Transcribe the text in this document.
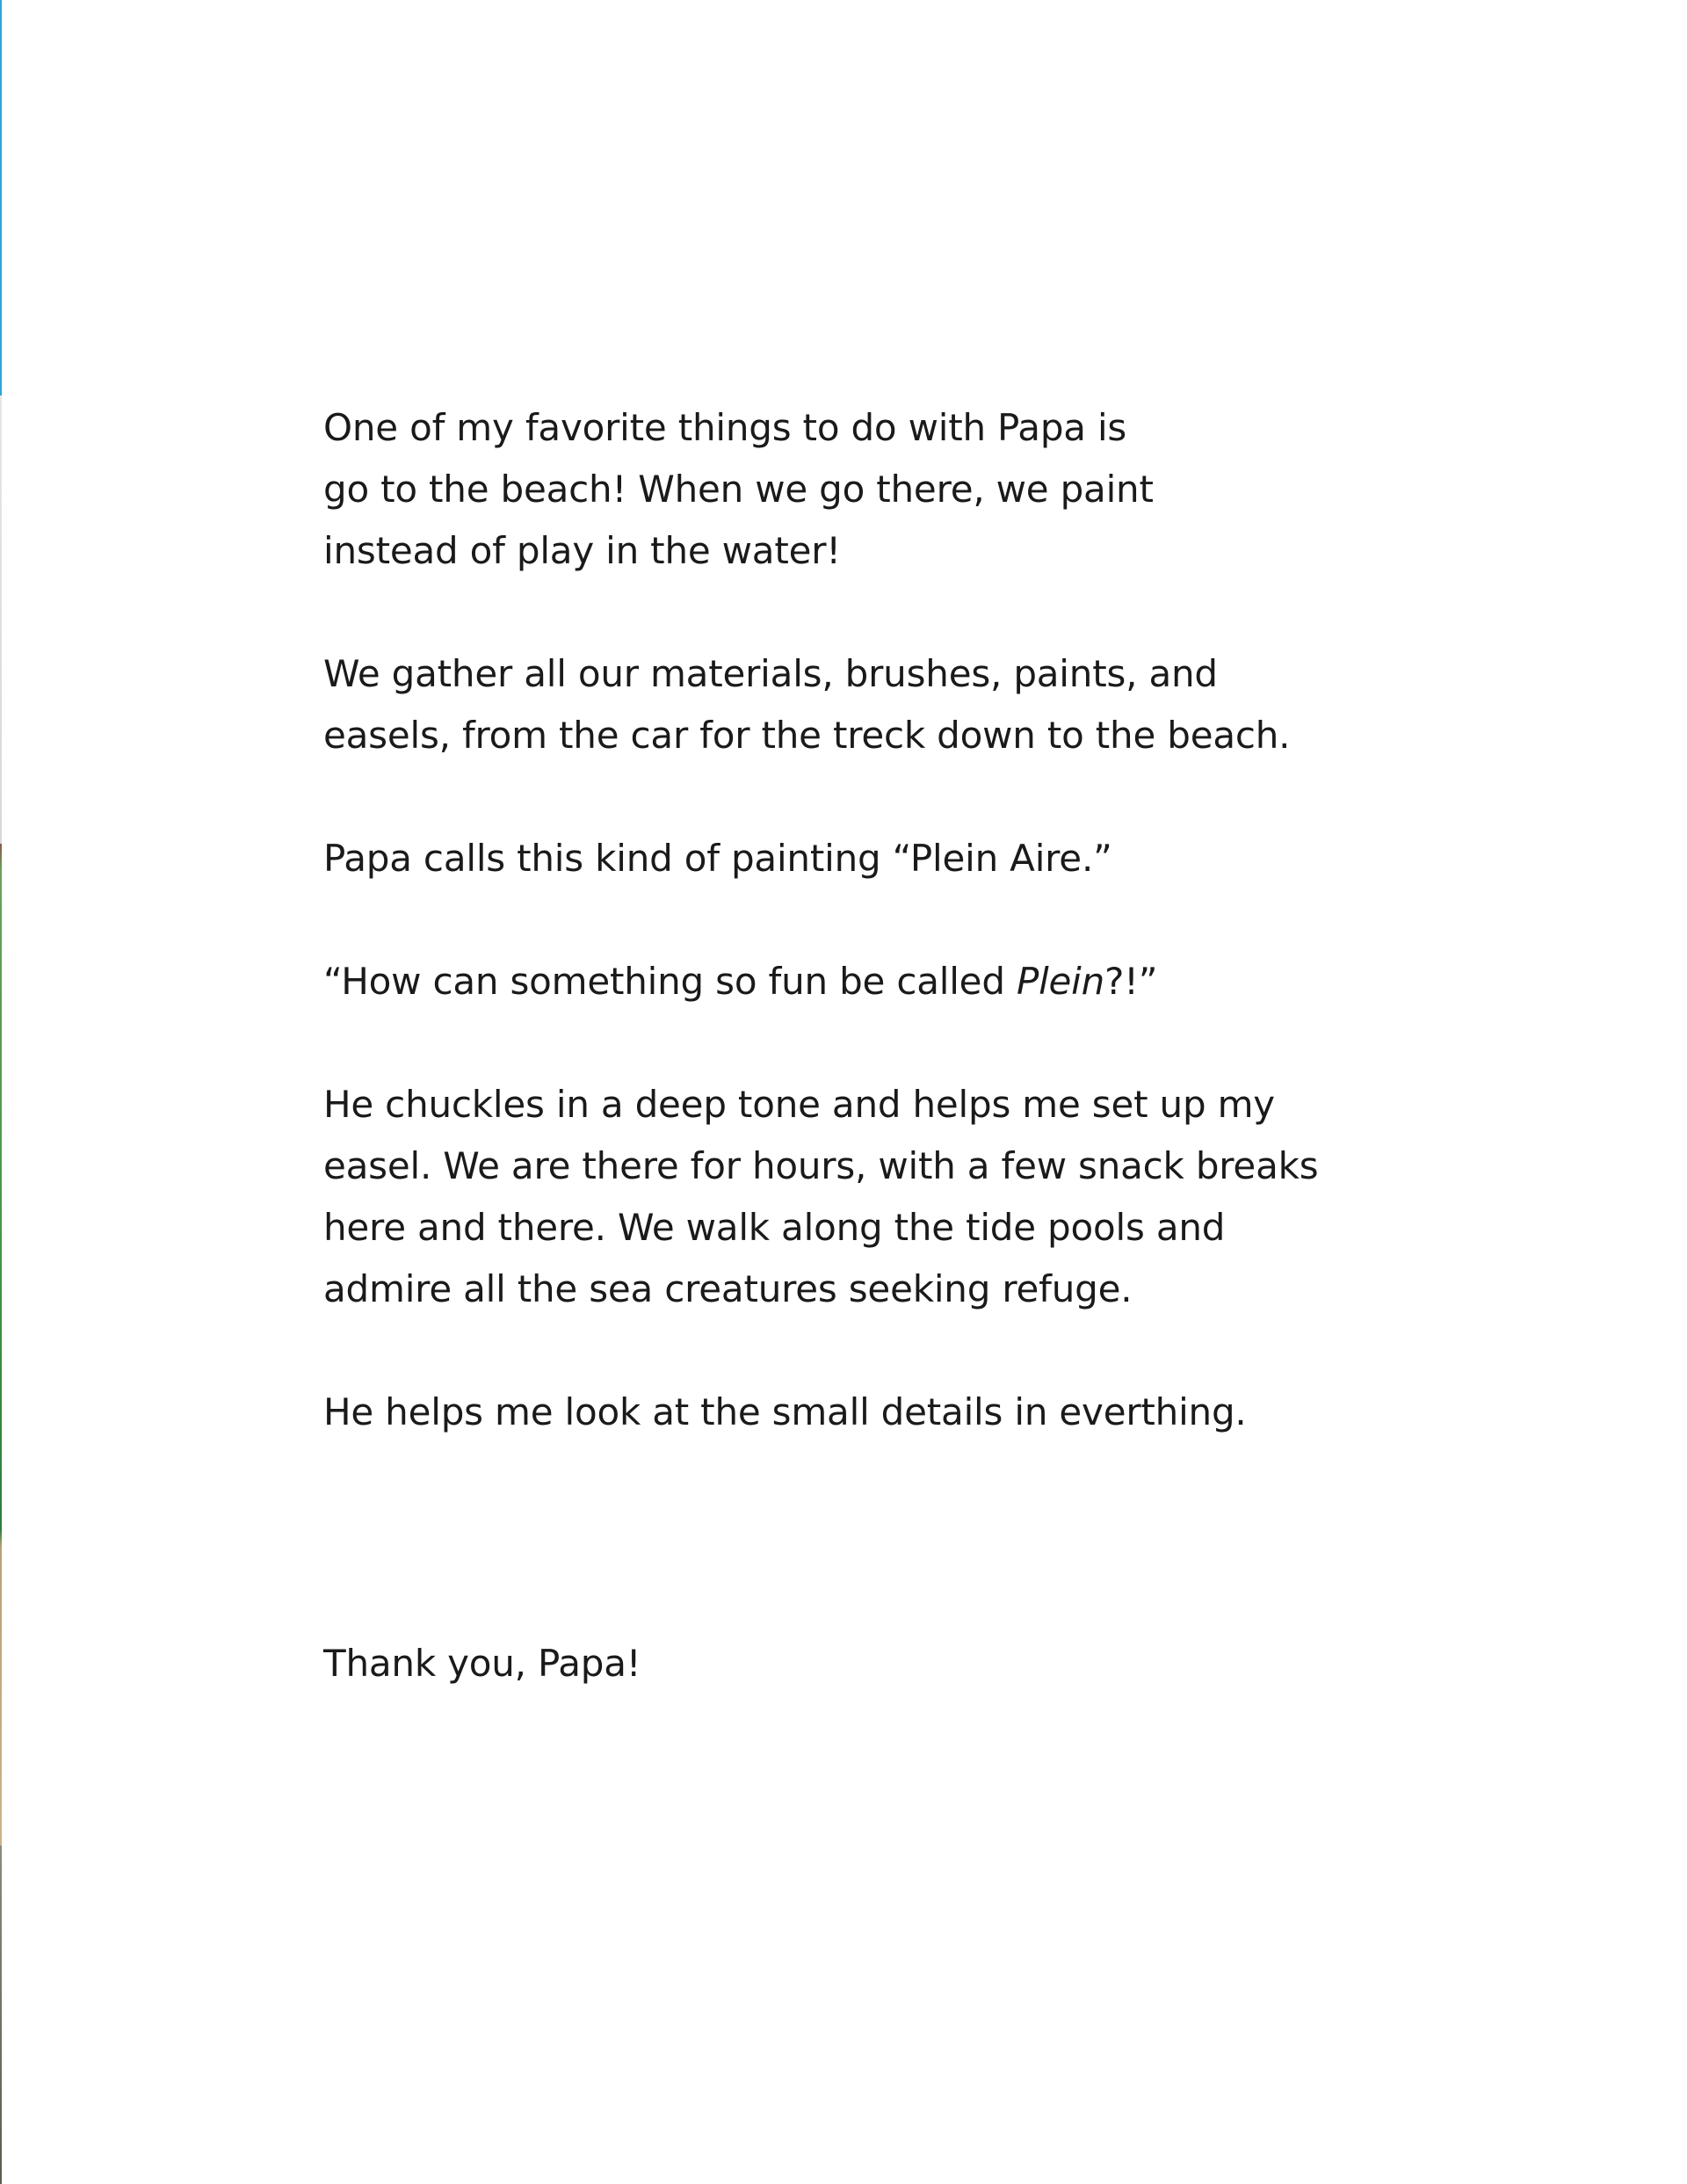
One of my favorite things to do with Papa is
go to the beach! When we go there, we paint
instead of play in the water!

We gather all our materials, brushes, paints, and
easels, from the car for the treck down to the beach.

Papa calls this kind of painting “Plein Aire.”

“How can something so fun be called Plein?!”

He chuckles in a deep tone and helps me set up my
easel. We are there for hours, with a few snack breaks
here and there. We walk along the tide pools and
admire all the sea creatures seeking refuge.

He helps me look at the small details in everthing.

Thank you, Papa!
